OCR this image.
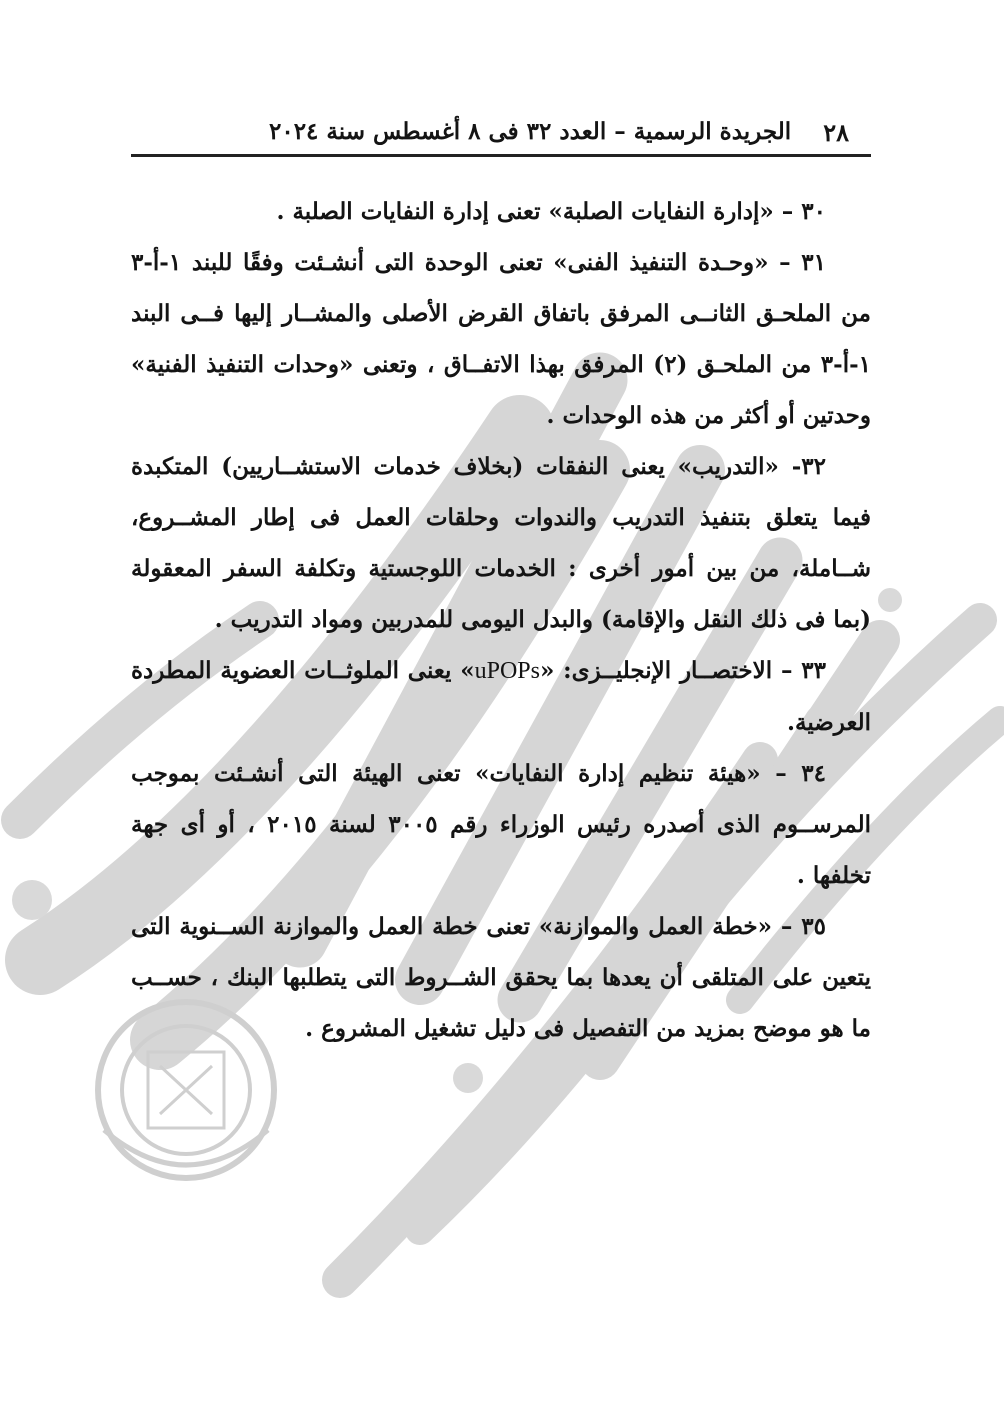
٢٨
الجريدة الرسمية – العدد ٣٢ فى ٨ أغسطس سنة ٢٠٢٤

٣٠ – «إدارة النفايات الصلبة» تعنى إدارة النفايات الصلبة .

٣١ – «وحـدة التنفيذ الفنى» تعنى الوحدة التى أنشـئت وفقًا للبند ١-أ-٣ من الملحـق الثانــى المرفق باتفاق القرض الأصلى والمشــار إليها فــى البند ١-أ-٣ من الملحـق (٢) المرفق بهذا الاتفــاق ، وتعنى «وحدات التنفيذ الفنية» وحدتين أو أكثر من هذه الوحدات .

٣٢- «التدريب» يعنى النفقات (بخلاف خدمات الاستشــاريين) المتكبدة فيما يتعلق بتنفيذ التدريب والندوات وحلقات العمل فى إطار المشــروع، شــاملة، من بين أمور أخرى : الخدمات اللوجستية وتكلفة السفر المعقولة (بما فى ذلك النقل والإقامة) والبدل اليومى للمدربين ومواد التدريب .

٣٣ – الاختصــار الإنجليــزى: «uPOPs» يعنى الملوثــات العضوية المطردة العرضية.

٣٤ – «هيئة تنظيم إدارة النفايات» تعنى الهيئة التى أنشـئت بموجب المرســوم الذى أصدره رئيس الوزراء رقم ٣٠٠٥ لسنة ٢٠١٥ ، أو أى جهة تخلفها .

٣٥ – «خطة العمل والموازنة» تعنى خطة العمل والموازنة الســنوية التى يتعين على المتلقى أن يعدها بما يحقق الشــروط التى يتطلبها البنك ، حســب ما هو موضح بمزيد من التفصيل فى دليل تشغيل المشروع .
